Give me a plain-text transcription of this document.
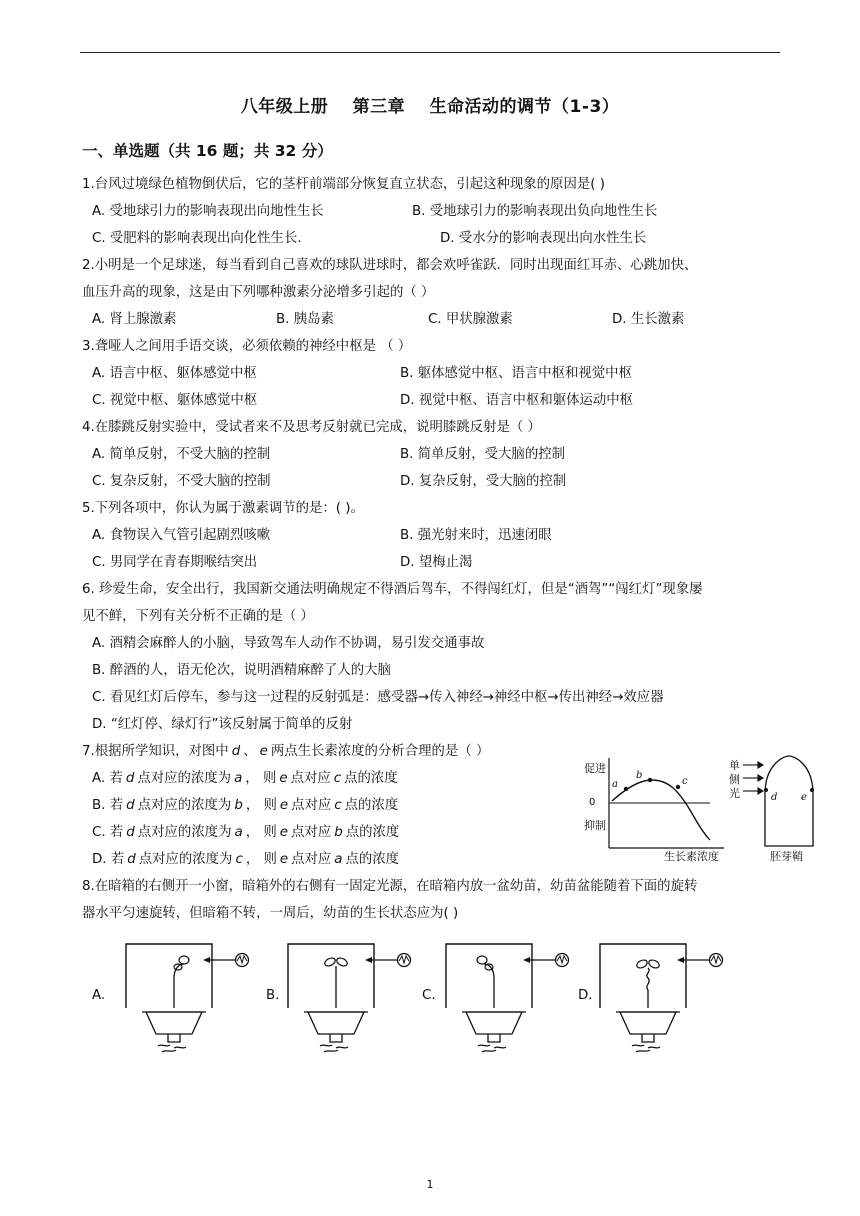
八年级上册 第三章 生命活动的调节（1-3）
一、单选题（共 16 题；共 32 分）
1.台风过境绿色植物倒伏后，它的茎杆前端部分恢复直立状态，引起这种现象的原因是( )
A. 受地球引力的影响表现出向地性生长	B. 受地球引力的影响表现出负向地性生长
C. 受肥料的影响表现出向化性生长.	D. 受水分的影响表现出向水性生长
2.小明是一个足球迷，每当看到自己喜欢的球队进球时，都会欢呼雀跃．同时出现面红耳赤、心跳加快、
血压升高的现象，这是由下列哪种激素分泌增多引起的（ ）
A. 肾上腺激素	B. 胰岛素	C. 甲状腺激素	D. 生长激素
3.聋哑人之间用手语交谈，必须依赖的神经中枢是 （ ）
A. 语言中枢、躯体感觉中枢	B. 躯体感觉中枢、语言中枢和视觉中枢
C. 视觉中枢、躯体感觉中枢	D. 视觉中枢、语言中枢和躯体运动中枢
4.在膝跳反射实验中，受试者来不及思考反射就已完成，说明膝跳反射是（ ）
A. 简单反射，不受大脑的控制	B. 简单反射，受大脑的控制
C. 复杂反射，不受大脑的控制	D. 复杂反射，受大脑的控制
5.下列各项中，你认为属于激素调节的是：( )。
A. 食物误入气管引起剧烈咳嗽	B. 强光射来时，迅速闭眼
C. 男同学在青春期喉结突出	D. 望梅止渴
6. 珍爱生命，安全出行，我国新交通法明确规定不得酒后驾车，不得闯红灯，但是“酒驾”“闯红灯”现象屡
见不鲜，下列有关分析不正确的是（ ）
A. 酒精会麻醉人的小脑，导致驾车人动作不协调，易引发交通事故
B. 醉酒的人，语无伦次，说明酒精麻醉了人的大脑
C. 看见红灯后停车，参与这一过程的反射弧是：感受器→传入神经→神经中枢→传出神经→效应器
D. “红灯停、绿灯行”该反射属于简单的反射
7.根据所学知识，对图中 d 、 e 两点生长素浓度的分析合理的是（ ）
A. 若 d 点对应的浓度为 a ， 则 e 点对应 c 点的浓度
B. 若 d 点对应的浓度为 b ， 则 e 点对应 c 点的浓度
C. 若 d 点对应的浓度为 a ， 则 e 点对应 b 点的浓度
D. 若 d 点对应的浓度为 c ， 则 e 点对应 a 点的浓度
促进
0
抑制
生长素浓度
a
b
c
单
侧
光
胚芽鞘
d e
8.在暗箱的右侧开一小窗，暗箱外的右侧有一固定光源，在暗箱内放一盆幼苗，幼苗盆能随着下面的旋转
器水平匀速旋转，但暗箱不转，一周后，幼苗的生长状态应为( )
A.	B.	C.	D.
1
